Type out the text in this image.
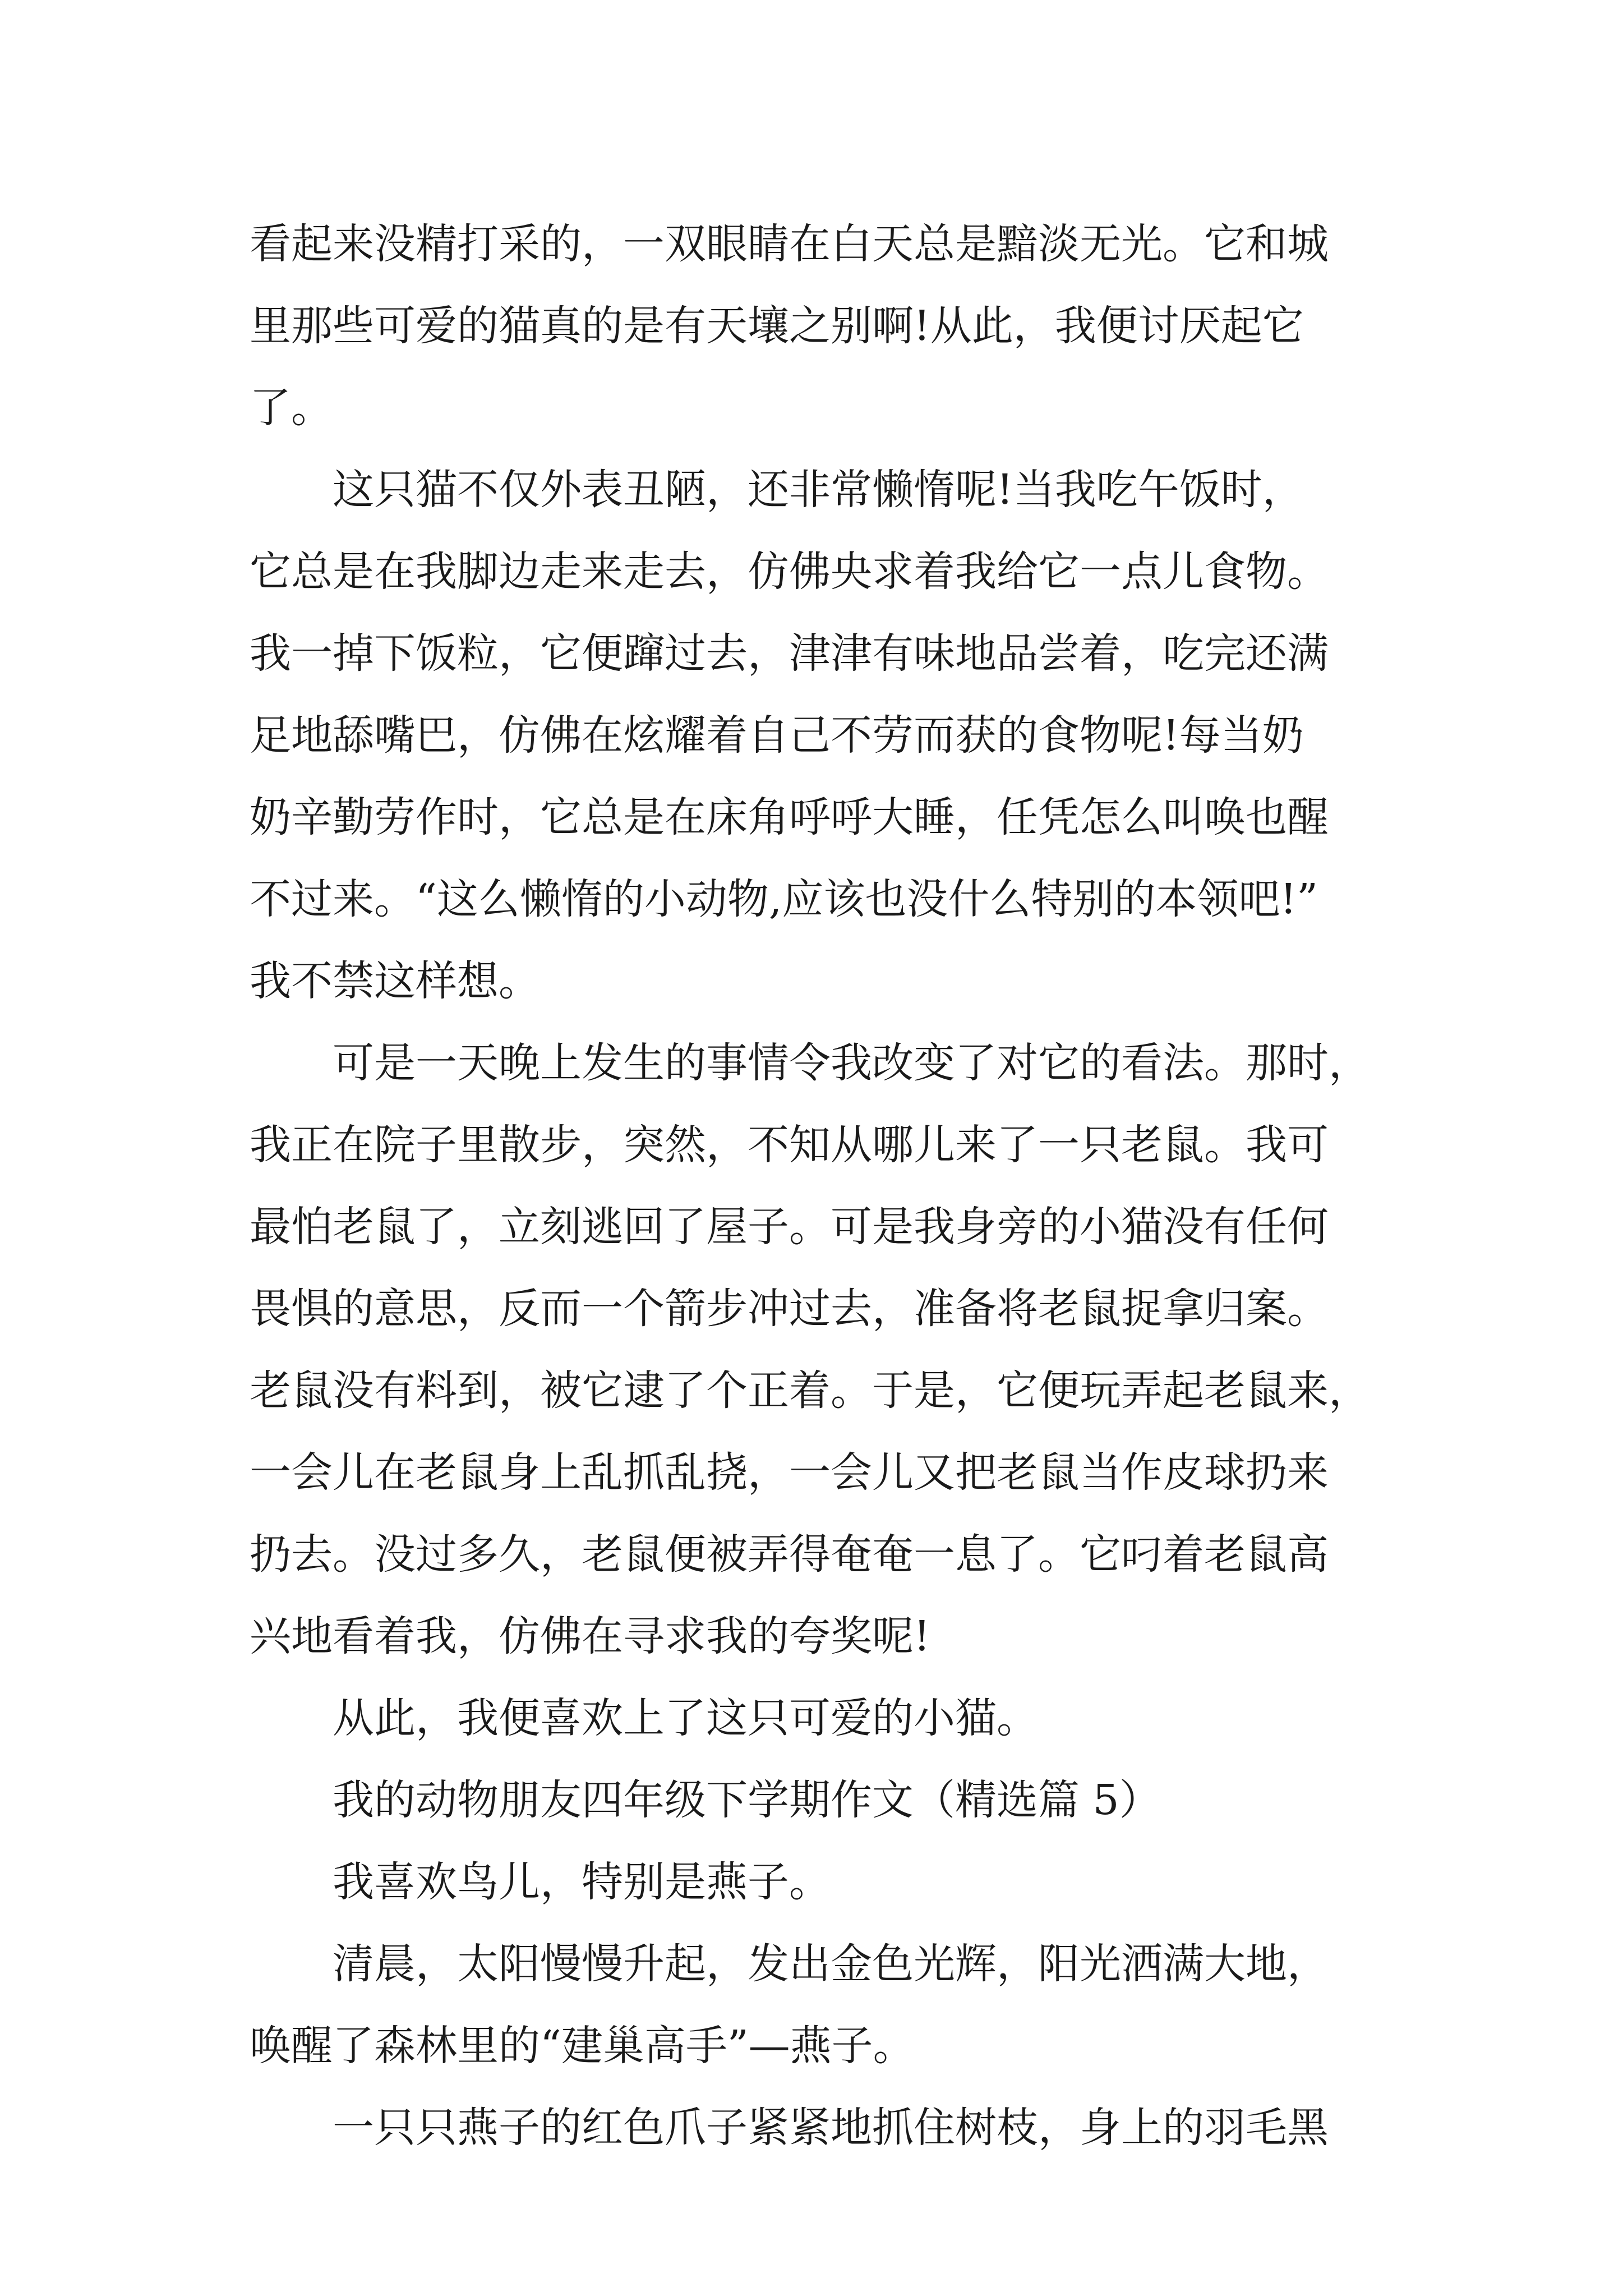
看起来没精打采的，一双眼睛在白天总是黯淡无光。它和城
里那些可爱的猫真的是有天壤之别啊!从此，我便讨厌起它
了。
这只猫不仅外表丑陋，还非常懒惰呢!当我吃午饭时，
它总是在我脚边走来走去，仿佛央求着我给它一点儿食物。
我一掉下饭粒，它便蹿过去，津津有味地品尝着，吃完还满
足地舔嘴巴，仿佛在炫耀着自己不劳而获的食物呢!每当奶
奶辛勤劳作时，它总是在床角呼呼大睡，任凭怎么叫唤也醒
不过来。“这么懒惰的小动物,应该也没什么特别的本领吧!”
我不禁这样想。
可是一天晚上发生的事情令我改变了对它的看法。那时，
我正在院子里散步，突然，不知从哪儿来了一只老鼠。我可
最怕老鼠了，立刻逃回了屋子。可是我身旁的小猫没有任何
畏惧的意思，反而一个箭步冲过去，准备将老鼠捉拿归案。
老鼠没有料到，被它逮了个正着。于是，它便玩弄起老鼠来，
一会儿在老鼠身上乱抓乱挠，一会儿又把老鼠当作皮球扔来
扔去。没过多久，老鼠便被弄得奄奄一息了。它叼着老鼠高
兴地看着我，仿佛在寻求我的夸奖呢!
从此，我便喜欢上了这只可爱的小猫。
我的动物朋友四年级下学期作文（精选篇 5）
我喜欢鸟儿，特别是燕子。
清晨，太阳慢慢升起，发出金色光辉，阳光洒满大地，
唤醒了森林里的“建巢高手”—燕子。
一只只燕子的红色爪子紧紧地抓住树枝，身上的羽毛黑
